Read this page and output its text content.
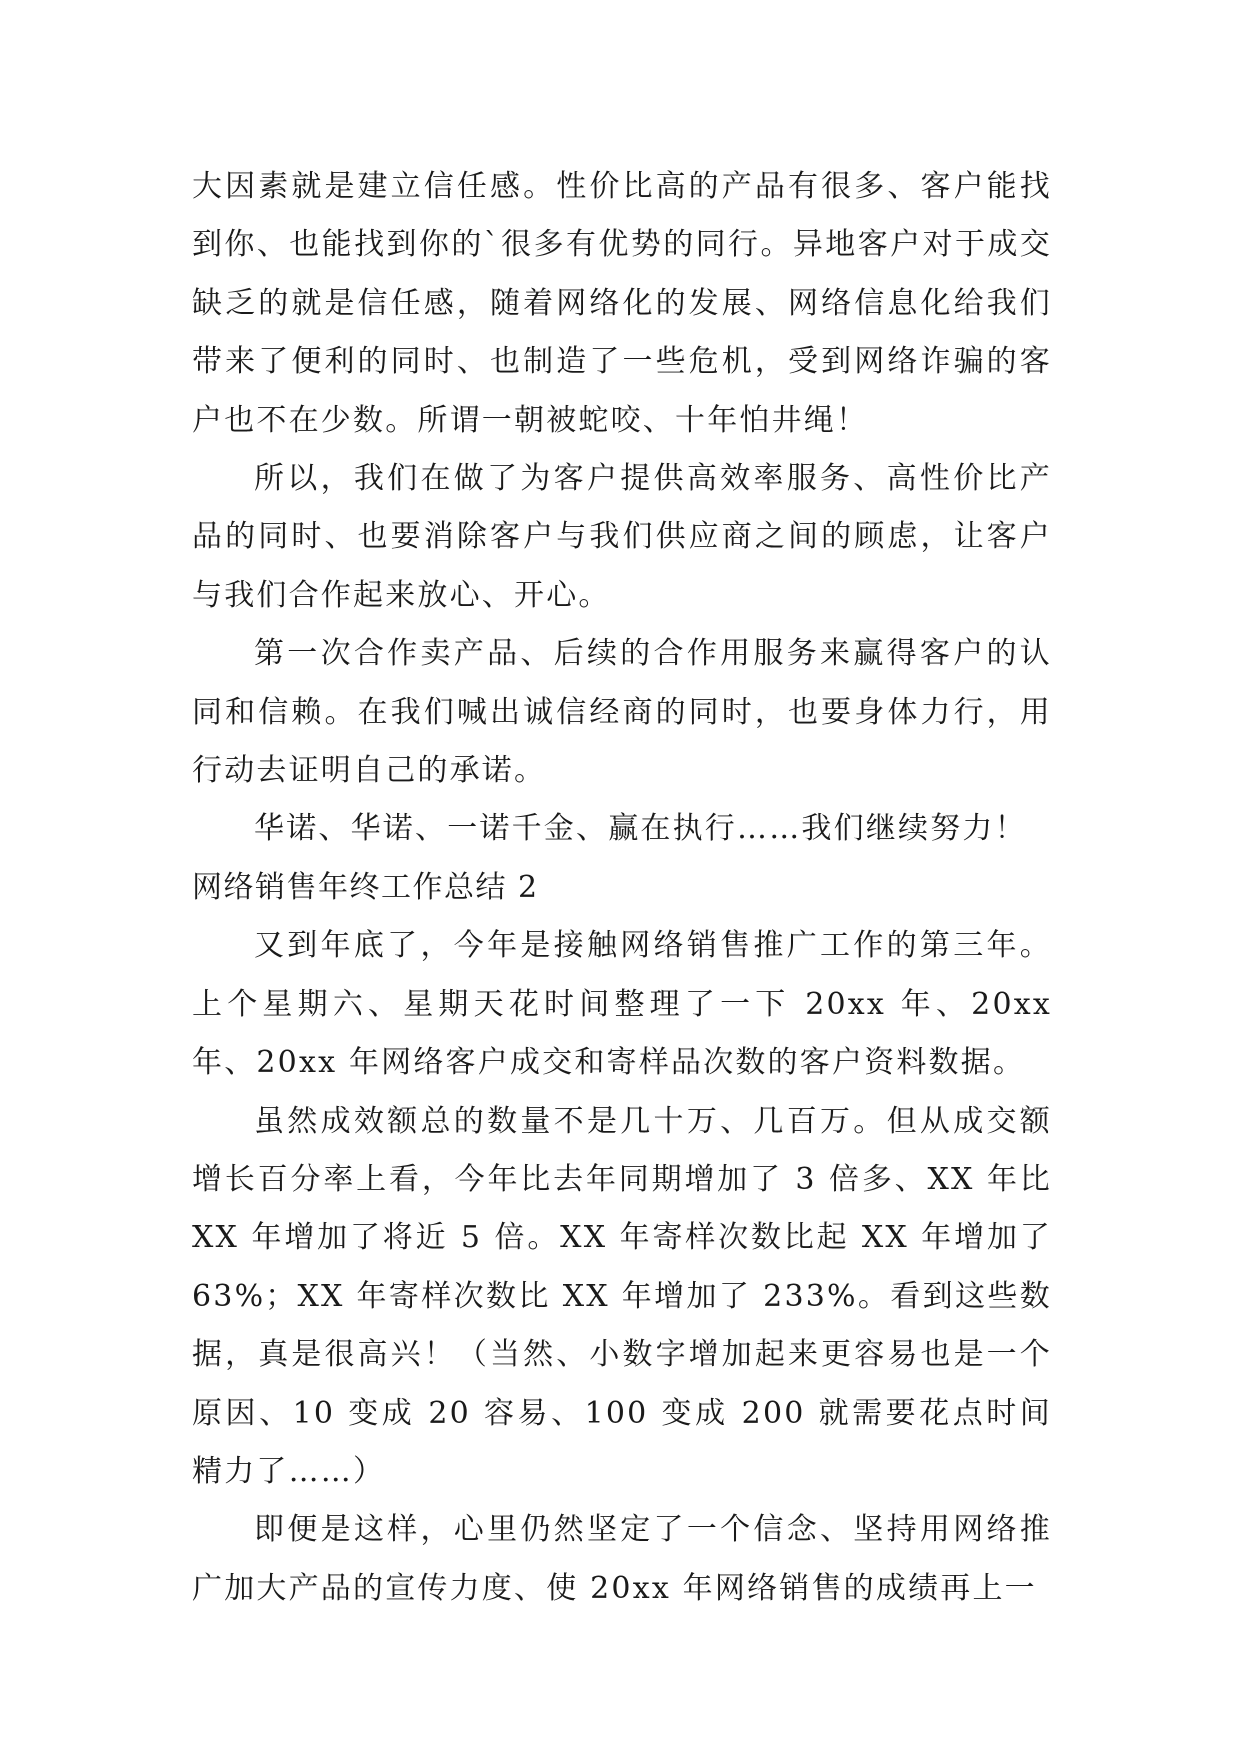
大因素就是建立信任感。性价比高的产品有很多、客户能找到你、也能找到你的`很多有优势的同行。异地客户对于成交缺乏的就是信任感，随着网络化的发展、网络信息化给我们带来了便利的同时、也制造了一些危机，受到网络诈骗的客户也不在少数。所谓一朝被蛇咬、十年怕井绳！

所以，我们在做了为客户提供高效率服务、高性价比产品的同时、也要消除客户与我们供应商之间的顾虑，让客户与我们合作起来放心、开心。

第一次合作卖产品、后续的合作用服务来赢得客户的认同和信赖。在我们喊出诚信经商的同时，也要身体力行，用行动去证明自己的承诺。

华诺、华诺、一诺千金、赢在执行……我们继续努力！

网络销售年终工作总结 2

又到年底了，今年是接触网络销售推广工作的第三年。上个星期六、星期天花时间整理了一下 20xx 年、20xx 年、20xx 年网络客户成交和寄样品次数的客户资料数据。

虽然成效额总的数量不是几十万、几百万。但从成交额增长百分率上看，今年比去年同期增加了 3 倍多、XX 年比 XX 年增加了将近 5 倍。XX 年寄样次数比起 XX 年增加了 63%；XX 年寄样次数比 XX 年增加了 233%。看到这些数据，真是很高兴！（当然、小数字增加起来更容易也是一个原因、10 变成 20 容易、100 变成 200 就需要花点时间精力了……）

即便是这样，心里仍然坚定了一个信念、坚持用网络推广加大产品的宣传力度、使 20xx 年网络销售的成绩再上一
